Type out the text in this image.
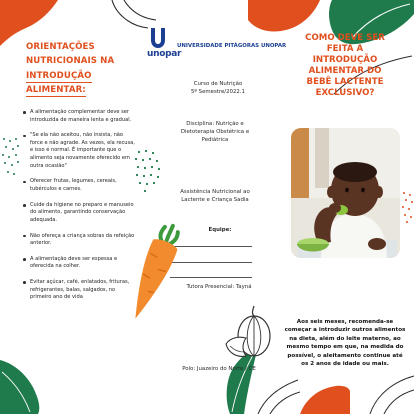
ORIENTAÇÕES
NUTRICIONAIS NA
INTRODUÇÃO ALIMENTAR:
A alimentação complementar deve ser introduzida de maneira lenta e gradual.
"Se ela não aceitou, não insista, não force e não agrade. As vezes, ela recusa, e isso é normal. É importante que o alimento seja novamente oferecido em outra ocasião"
Oferecer frutas, legumes, cereais, tubérculos e carnes.
Cuide da higiene no preparo e manuseio do alimento, garantindo conservação adequada.
Não ofereça a criança sobras da refeição anterior.
A alimentação deve ser espessa e oferecida na colher.
Evitar açúcar, café, enlatados, frituras, refrigerantes, balas, salgados, no primeiro ano de vida
unopar
UNIVERSIDADE PITÁGORAS UNOPAR
Curso de Nutrição
5º Semestre/2022.1
Disciplina: Nutrição e
Dietoterapia Obstétrica e
Pediátrica
Assistência Nutricional ao
Lactente e Criança Sadia
Equipe:
Tutora Presencial: Tayná
Polo: Juazeiro do Norte / CE
COMO DEVE SER
FEITA A
INTRODUÇÃO
ALIMENTAR DO
BEBÊ LACTENTE
EXCLUSIVO?
Aos seis meses, recomenda-se começar a introduzir outros alimentos na dieta, além do leite materno, ao mesmo tempo em que, na medida do possível, o aleitamento continue até os 2 anos de idade ou mais.
